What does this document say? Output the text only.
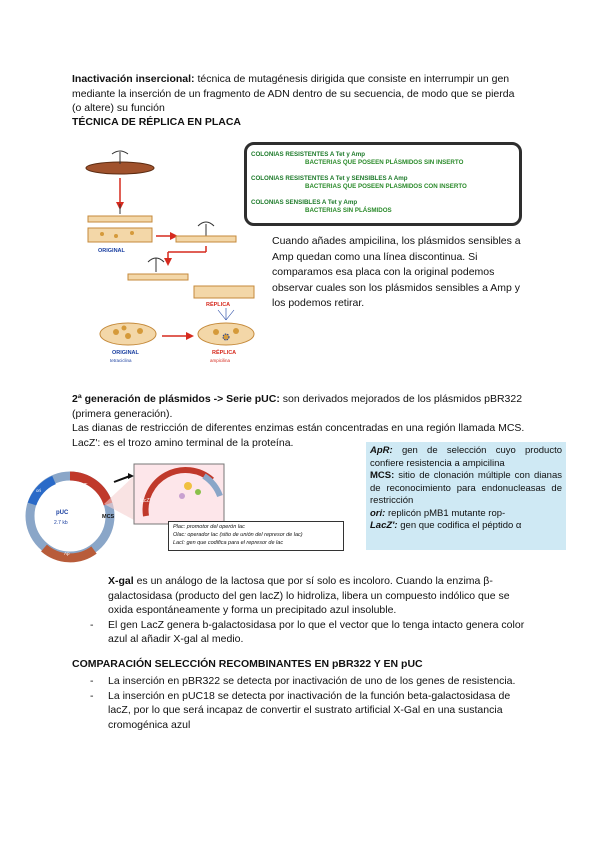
Inactivación insercional: técnica de mutagénesis dirigida que consiste en interrumpir un gen mediante la inserción de un fragmento de ADN dentro de su secuencia, de modo que se pierda (o altere) su función
TÉCNICA DE RÉPLICA EN PLACA
ORIGINAL
RÉPLICA
ORIGINAL
tetraciclina
RÉPLICA
ampicilina
COLONIAS RESISTENTES A Tet y Amp
BACTERIAS QUE POSEEN PLÁSMIDOS SIN INSERTO
COLONIAS RESISTENTES A Tet y SENSIBLES A Amp
BACTERIAS QUE POSEEN PLASMIDOS CON INSERTO
COLONIAS SENSIBLES A Tet y Amp
BACTERIAS SIN PLÁSMIDOS
Cuando añades ampicilina, los plásmidos sensibles a Amp quedan como una línea discontinua. Si comparamos esa placa con la original podemos observar cuales son los plásmidos sensibles a Amp y los podemos retirar.
2ª generación de plásmidos -> Serie pUC: son derivados mejorados de los plásmidos pBR322 (primera generación).
Las dianas de restricción de diferentes enzimas están concentradas en una región llamada MCS. LacZ': es el trozo amino terminal de la proteína.
pUC
2.7 kb
MCS
ori
Ap
lacZ'
lacZ'
Plac: promotor del operón lac
Olac: operador lac (sitio de unión del represor de lac)
LacI: gen que codifica para el represor de lac
ApR: gen de selección cuyo producto confiere resistencia a ampicilina
MCS: sitio de clonación múltiple con dianas de reconocimiento para endonucleasas de restricción
ori: replicón pMB1 mutante rop-
LacZ': gen que codifica el péptido α
X-gal es un análogo de la lactosa que por sí solo es incoloro. Cuando la enzima β-galactosidasa (producto del gen lacZ) lo hidroliza, libera un compuesto indólico que se oxida espontáneamente y forma un precipitado azul insoluble.
- El gen LacZ genera b-galactosidasa por lo que el vector que lo tenga intacto genera color azul al añadir X-gal al medio.
COMPARACIÓN SELECCIÓN RECOMBINANTES EN pBR322 Y EN pUC
- La inserción en pBR322 se detecta por inactivación de uno de los genes de resistencia.
- La inserción en pUC18 se detecta por inactivación de la función beta-galactosidasa de lacZ, por lo que será incapaz de convertir el sustrato artificial X-Gal en una sustancia cromogénica azul
